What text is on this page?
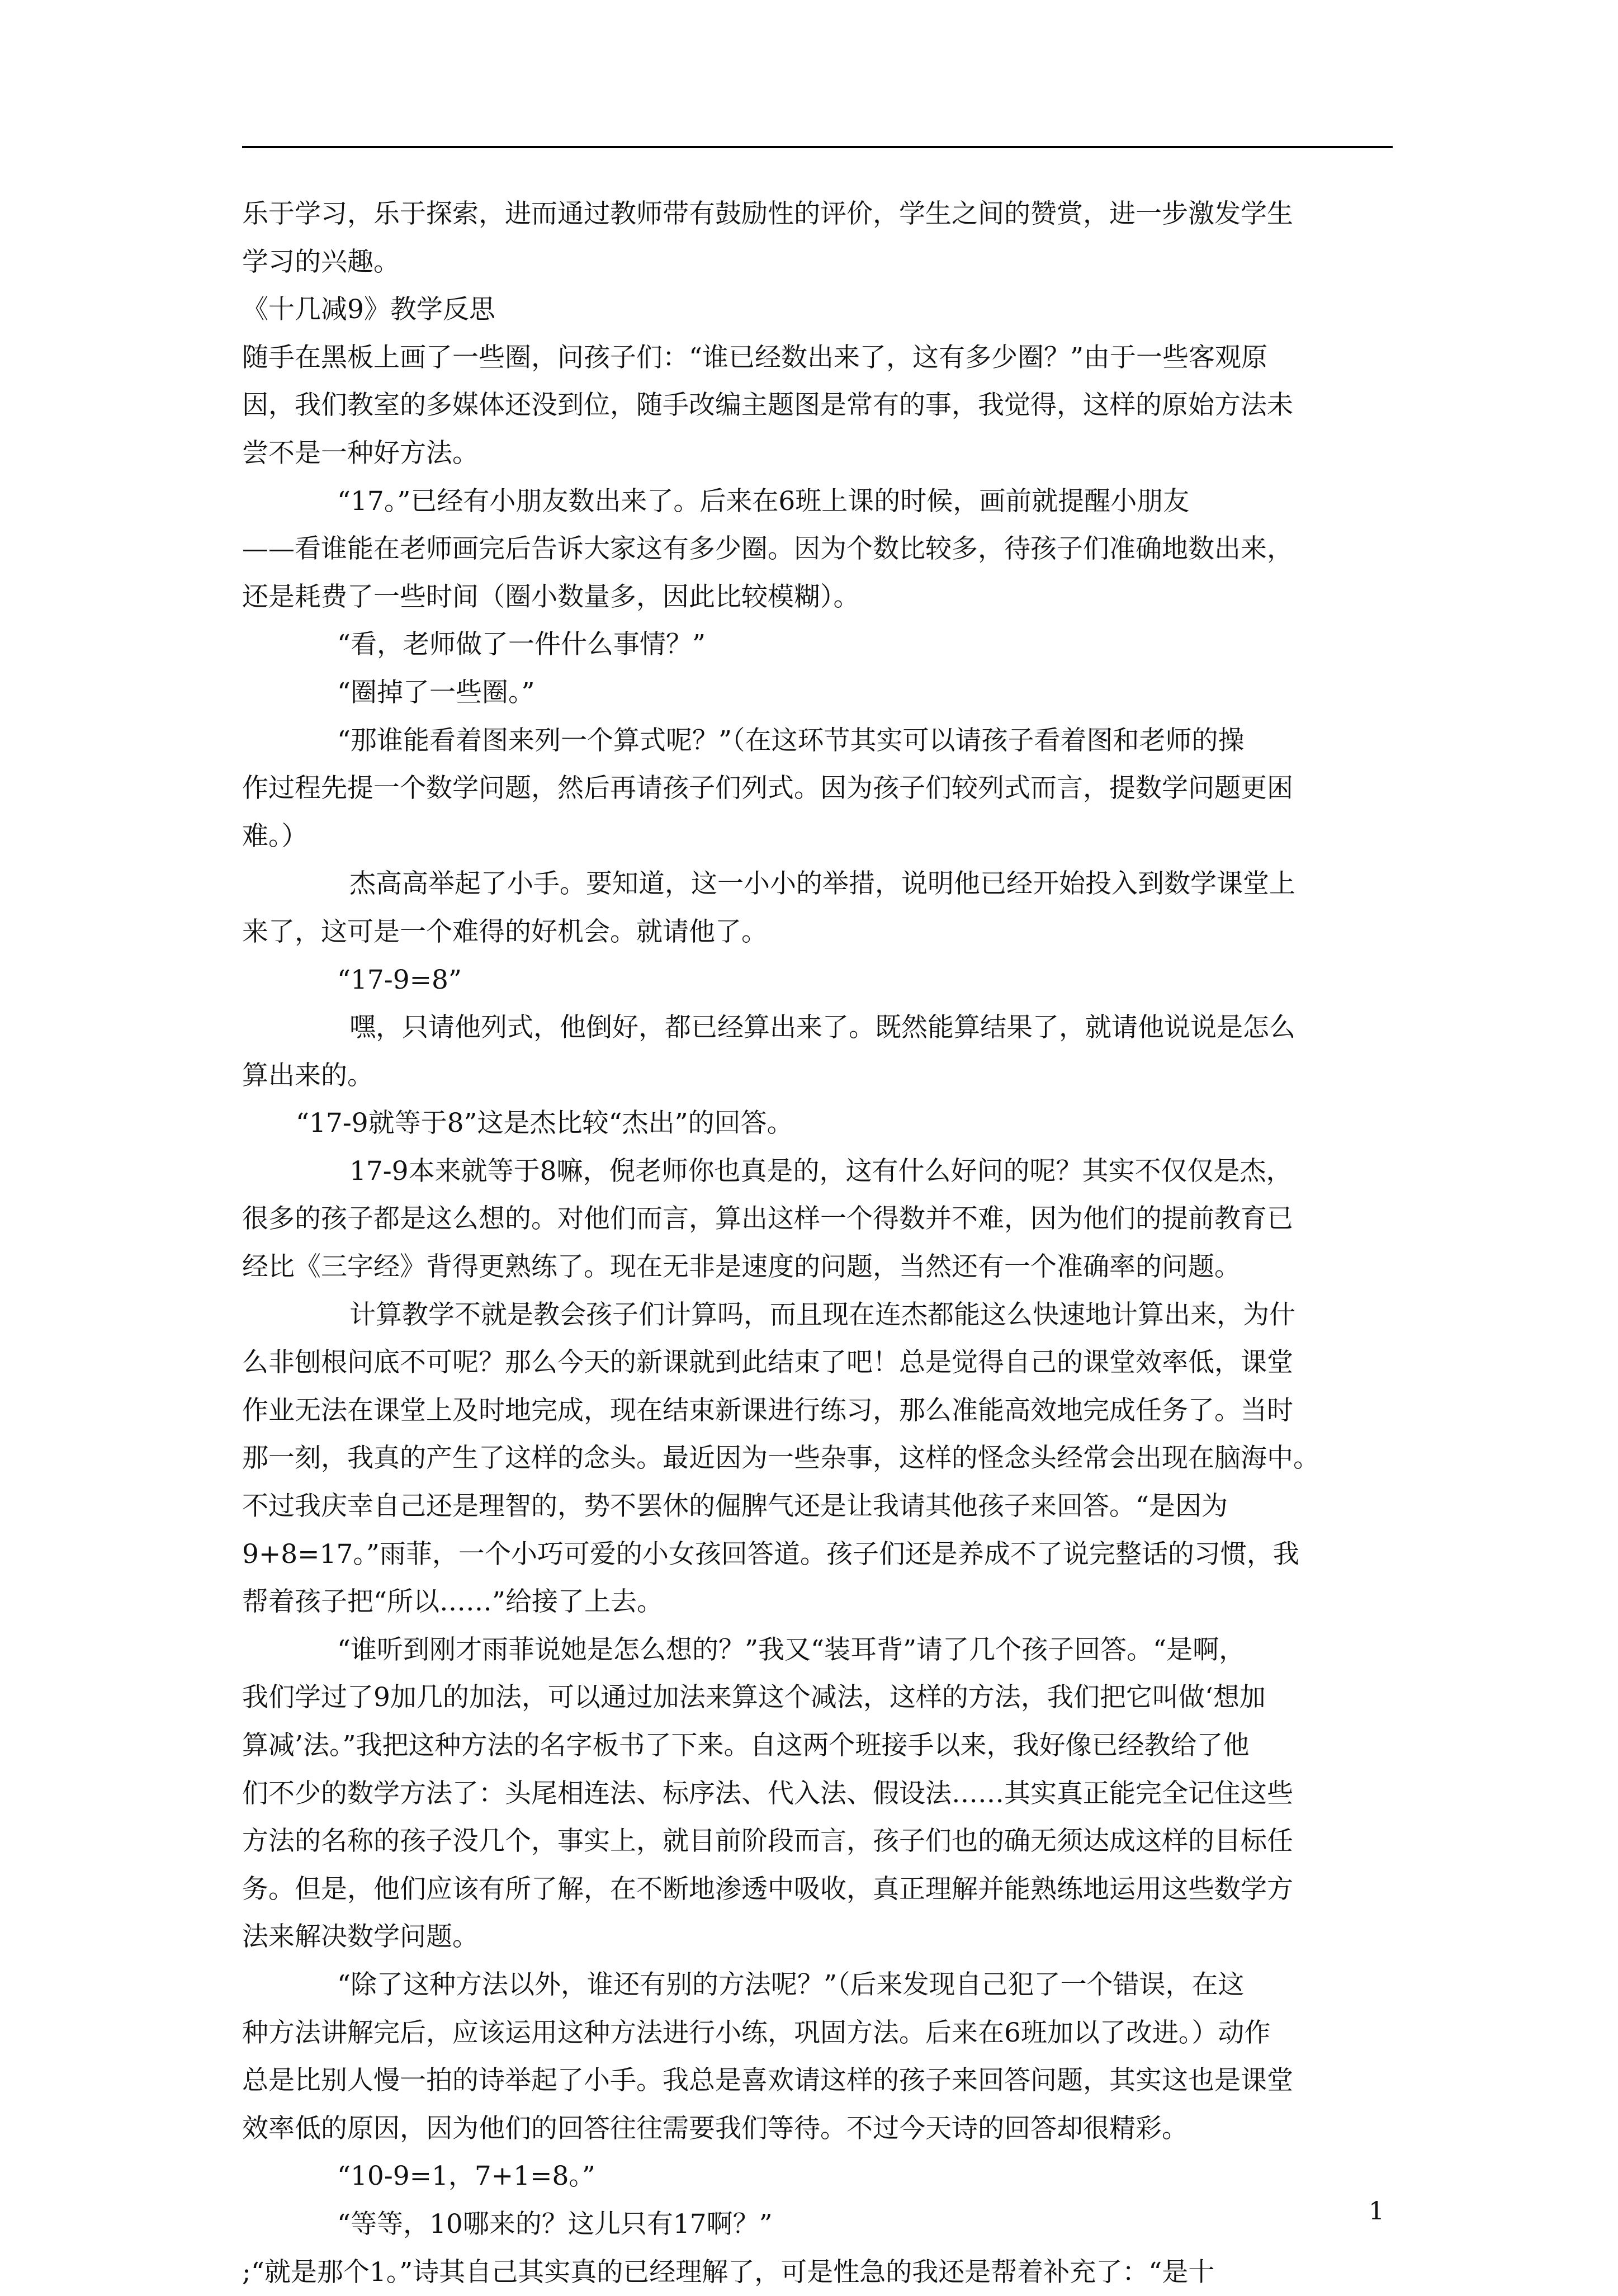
乐于学习，乐于探索，进而通过教师带有鼓励性的评价，学生之间的赞赏，进一步激发学生

学习的兴趣。

《十几减9》教学反思

随手在黑板上画了一些圈，问孩子们：“谁已经数出来了，这有多少圈？”由于一些客观原

因，我们教室的多媒体还没到位，随手改编主题图是常有的事，我觉得，这样的原始方法未

尝不是一种好方法。

“17。”已经有小朋友数出来了。后来在6班上课的时候，画前就提醒小朋友

——看谁能在老师画完后告诉大家这有多少圈。因为个数比较多，待孩子们准确地数出来，

还是耗费了一些时间（圈小数量多，因此比较模糊）。

“看，老师做了一件什么事情？”

“圈掉了一些圈。”

“那谁能看着图来列一个算式呢？”（在这环节其实可以请孩子看着图和老师的操

作过程先提一个数学问题，然后再请孩子们列式。因为孩子们较列式而言，提数学问题更困

难。）

杰高高举起了小手。要知道，这一小小的举措，说明他已经开始投入到数学课堂上

来了，这可是一个难得的好机会。就请他了。

“17-9=8”

嘿，只请他列式，他倒好，都已经算出来了。既然能算结果了，就请他说说是怎么

算出来的。

“17-9就等于8”这是杰比较“杰出”的回答。

17-9本来就等于8嘛，倪老师你也真是的，这有什么好问的呢？其实不仅仅是杰，

很多的孩子都是这么想的。对他们而言，算出这样一个得数并不难，因为他们的提前教育已

经比《三字经》背得更熟练了。现在无非是速度的问题，当然还有一个准确率的问题。

计算教学不就是教会孩子们计算吗，而且现在连杰都能这么快速地计算出来，为什

么非刨根问底不可呢？那么今天的新课就到此结束了吧！总是觉得自己的课堂效率低，课堂

作业无法在课堂上及时地完成，现在结束新课进行练习，那么准能高效地完成任务了。当时

那一刻，我真的产生了这样的念头。最近因为一些杂事，这样的怪念头经常会出现在脑海中。

不过我庆幸自己还是理智的，势不罢休的倔脾气还是让我请其他孩子来回答。“是因为

9+8=17。”雨菲，一个小巧可爱的小女孩回答道。孩子们还是养成不了说完整话的习惯，我

帮着孩子把“所以……”给接了上去。

“谁听到刚才雨菲说她是怎么想的？”我又“装耳背”请了几个孩子回答。“是啊，

我们学过了9加几的加法，可以通过加法来算这个减法，这样的方法，我们把它叫做‘想加

算减’法。”我把这种方法的名字板书了下来。自这两个班接手以来，我好像已经教给了他

们不少的数学方法了：头尾相连法、标序法、代入法、假设法……其实真正能完全记住这些

方法的名称的孩子没几个，事实上，就目前阶段而言，孩子们也的确无须达成这样的目标任

务。但是，他们应该有所了解，在不断地渗透中吸收，真正理解并能熟练地运用这些数学方

法来解决数学问题。

“除了这种方法以外，谁还有别的方法呢？”（后来发现自己犯了一个错误，在这

种方法讲解完后，应该运用这种方法进行小练，巩固方法。后来在6班加以了改进。）动作

总是比别人慢一拍的诗举起了小手。我总是喜欢请这样的孩子来回答问题，其实这也是课堂

效率低的原因，因为他们的回答往往需要我们等待。不过今天诗的回答却很精彩。

“10-9=1，7+1=8。”

“等等，10哪来的？这儿只有17啊？”

;“就是那个1。”诗其自己其实真的已经理解了，可是性急的我还是帮着补充了：“是十

1
